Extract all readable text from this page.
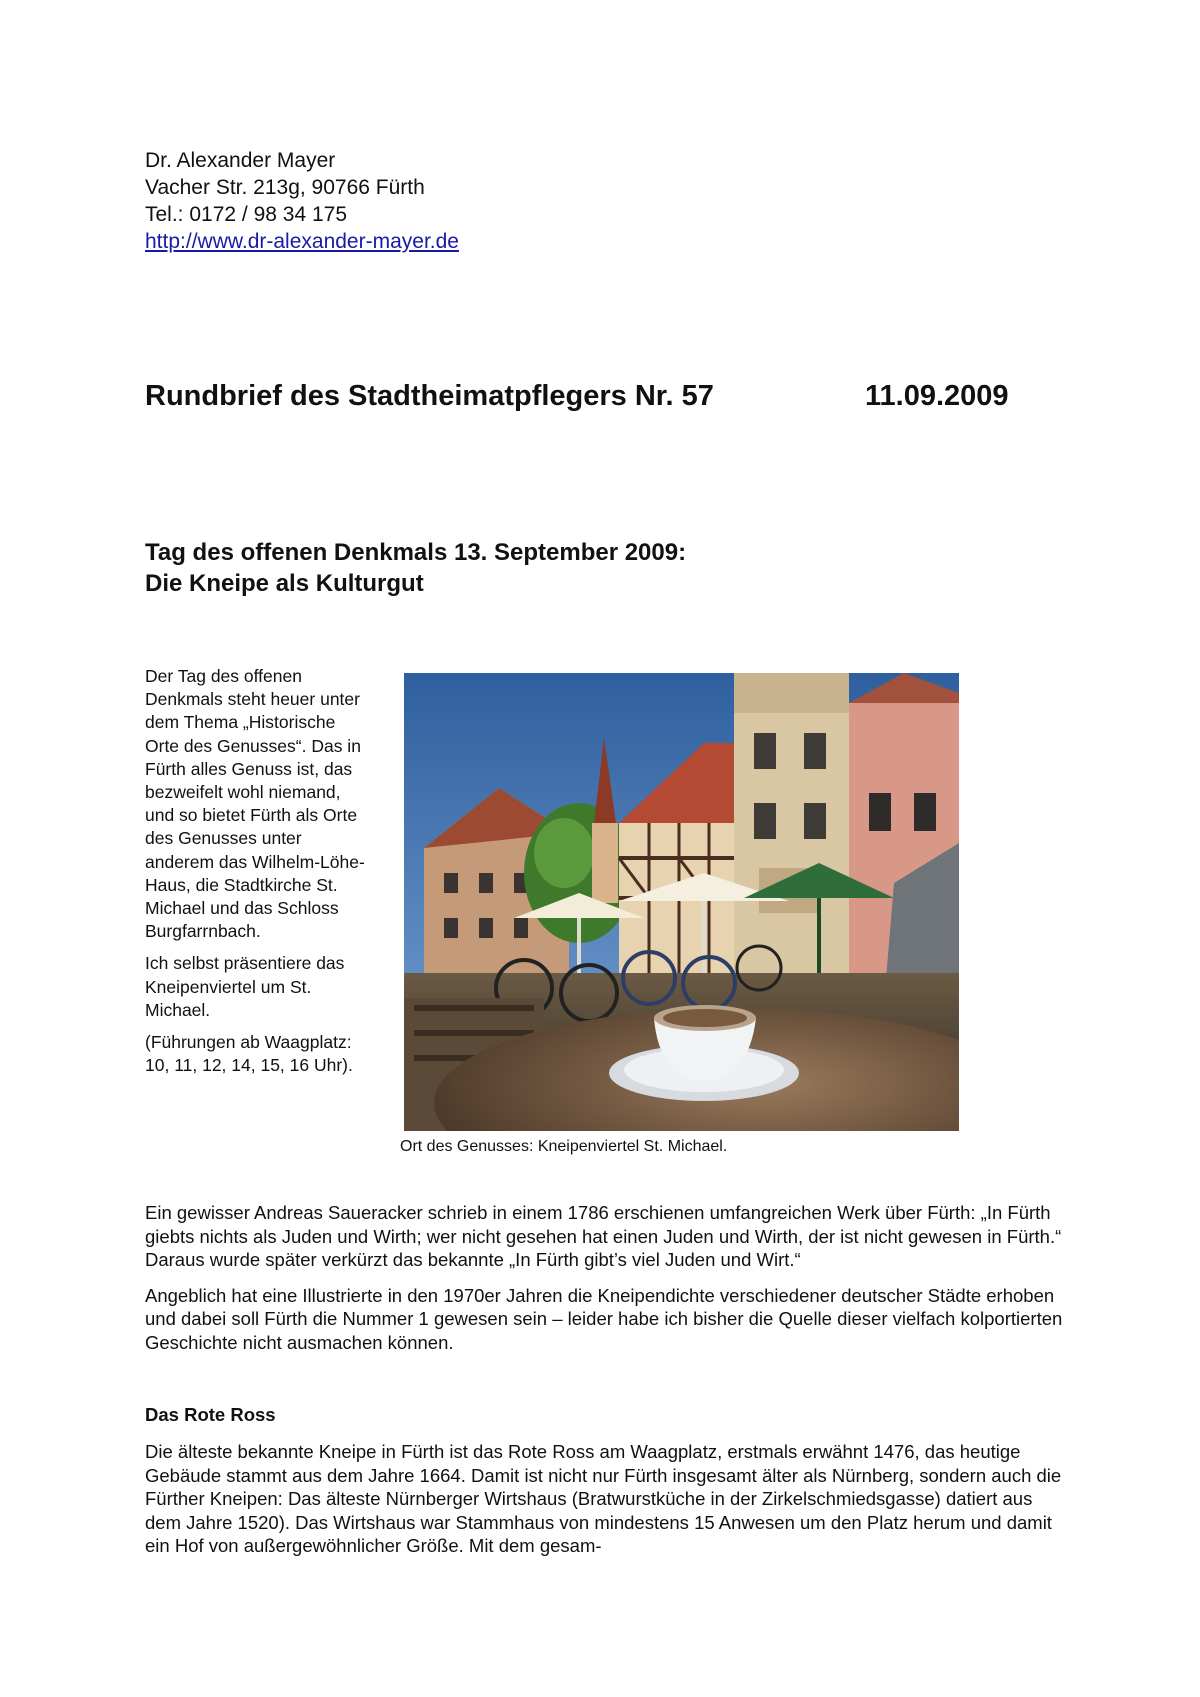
Dr. Alexander Mayer
Vacher Str. 213g, 90766 Fürth
Tel.: 0172 / 98 34 175
http://www.dr-alexander-mayer.de
Rundbrief des Stadtheimatpflegers Nr. 57	11.09.2009
Tag des offenen Denkmals 13. September 2009:
Die Kneipe als Kulturgut

Der Tag des offenen Denkmals steht heuer unter dem Thema „Historische Orte des Genusses“. Das in Fürth alles Genuss ist, das bezweifelt wohl niemand, und so bietet Fürth als Orte des Genusses unter anderem das Wilhelm-Löhe-Haus, die Stadtkirche St. Michael und das Schloss Burgfarrnbach.

Ich selbst präsentiere das Kneipenviertel um St. Michael.

(Führungen ab Waagplatz: 10, 11, 12, 14, 15, 16 Uhr).

Ort des Genusses: Kneipenviertel St. Michael.

Ein gewisser Andreas Saueracker schrieb in einem 1786 erschienen umfangreichen Werk über Fürth: „In Fürth giebts nichts als Juden und Wirth; wer nicht gesehen hat einen Juden und Wirth, der ist nicht gewesen in Fürth.“ Daraus wurde später verkürzt das bekannte „In Fürth gibt’s viel Juden und Wirt.“

Angeblich hat eine Illustrierte in den 1970er Jahren die Kneipendichte verschiedener deutscher Städte erhoben und dabei soll Fürth die Nummer 1 gewesen sein – leider habe ich bisher die Quelle dieser vielfach kolportierten Geschichte nicht ausmachen können.

Das Rote Ross

Die älteste bekannte Kneipe in Fürth ist das Rote Ross am Waagplatz, erstmals erwähnt 1476, das heutige Gebäude stammt aus dem Jahre 1664. Damit ist nicht nur Fürth insgesamt älter als Nürnberg, sondern auch die Fürther Kneipen: Das älteste Nürnberger Wirtshaus (Bratwurstküche in der Zirkelschmiedsgasse) datiert aus dem Jahre 1520). Das Wirtshaus war Stammhaus von mindestens 15 Anwesen um den Platz herum und damit ein Hof von außergewöhnlicher Größe. Mit dem gesam-
